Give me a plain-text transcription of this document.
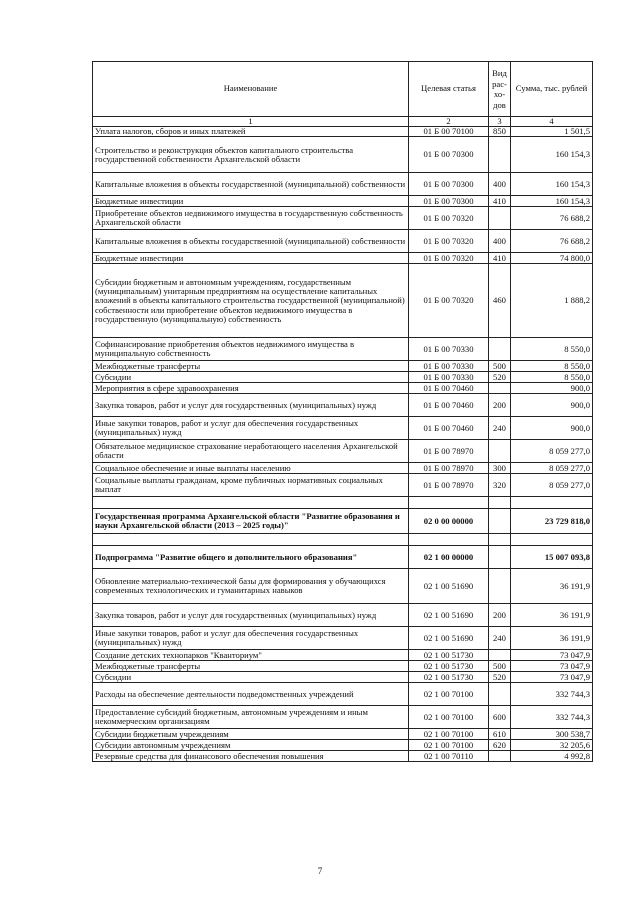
Наименование	Целевая статья	Вид рас-хо-дов	Сумма, тыс. рублей
1	2	3	4
Уплата налогов, сборов и иных платежей	01 Б 00 70100	850	1 501,5
Строительство и реконструкция объектов капитального строительства государственной собственности Архангельской области	01 Б 00 70300		160 154,3
Капитальные вложения в объекты государственной (муниципальной) собственности	01 Б 00 70300	400	160 154,3
Бюджетные инвестиции	01 Б 00 70300	410	160 154,3
Приобретение объектов недвижимого имущества в государственную собственность Архангельской области	01 Б 00 70320		76 688,2
Капитальные вложения в объекты государственной (муниципальной) собственности	01 Б 00 70320	400	76 688,2
Бюджетные инвестиции	01 Б 00 70320	410	74 800,0
Субсидии бюджетным и автономным учреждениям, государственным (муниципальным) унитарным предприятиям на осуществление капитальных вложений в объекты капитального строительства государственной (муниципальной) собственности или приобретение объектов недвижимого имущества в государственную (муниципальную) собственность	01 Б 00 70320	460	1 888,2
Софинансирование приобретения объектов недвижимого имущества в муниципальную собственность	01 Б 00 70330		8 550,0
Межбюджетные трансферты	01 Б 00 70330	500	8 550,0
Субсидии	01 Б 00 70330	520	8 550,0
Мероприятия в сфере здравоохранения	01 Б 00 70460		900,0
Закупка товаров, работ и услуг для государственных (муниципальных) нужд	01 Б 00 70460	200	900,0
Иные закупки товаров, работ и услуг для обеспечения государственных (муниципальных) нужд	01 Б 00 70460	240	900,0
Обязательное медицинское страхование неработающего населения Архангельской области	01 Б 00 78970		8 059 277,0
Социальное обеспечение и иные выплаты населению	01 Б 00 78970	300	8 059 277,0
Социальные выплаты гражданам, кроме публичных нормативных социальных выплат	01 Б 00 78970	320	8 059 277,0

Государственная программа Архангельской области "Развитие образования и науки Архангельской области (2013 – 2025 годы)"	02 0 00 00000		23 729 818,0

Подпрограмма "Развитие общего и дополнительного образования"	02 1 00 00000		15 007 093,8
Обновление материально-технической базы для формирования у обучающихся современных технологических и гуманитарных навыков	02 1 00 51690		36 191,9
Закупка товаров, работ и услуг для государственных (муниципальных) нужд	02 1 00 51690	200	36 191,9
Иные закупки товаров, работ и услуг для обеспечения государственных (муниципальных) нужд	02 1 00 51690	240	36 191,9
Создание детских технопарков "Кванториум"	02 1 00 51730		73 047,9
Межбюджетные трансферты	02 1 00 51730	500	73 047,9
Субсидии	02 1 00 51730	520	73 047,9
Расходы на обеспечение деятельности подведомственных учреждений	02 1 00 70100		332 744,3
Предоставление субсидий бюджетным, автономным учреждениям и иным некоммерческим организациям	02 1 00 70100	600	332 744,3
Субсидии бюджетным учреждениям	02 1 00 70100	610	300 538,7
Субсидии автономным учреждениям	02 1 00 70100	620	32 205,6
Резервные средства для финансового обеспечения повышения	02 1 00 70110		4 992,8
7
